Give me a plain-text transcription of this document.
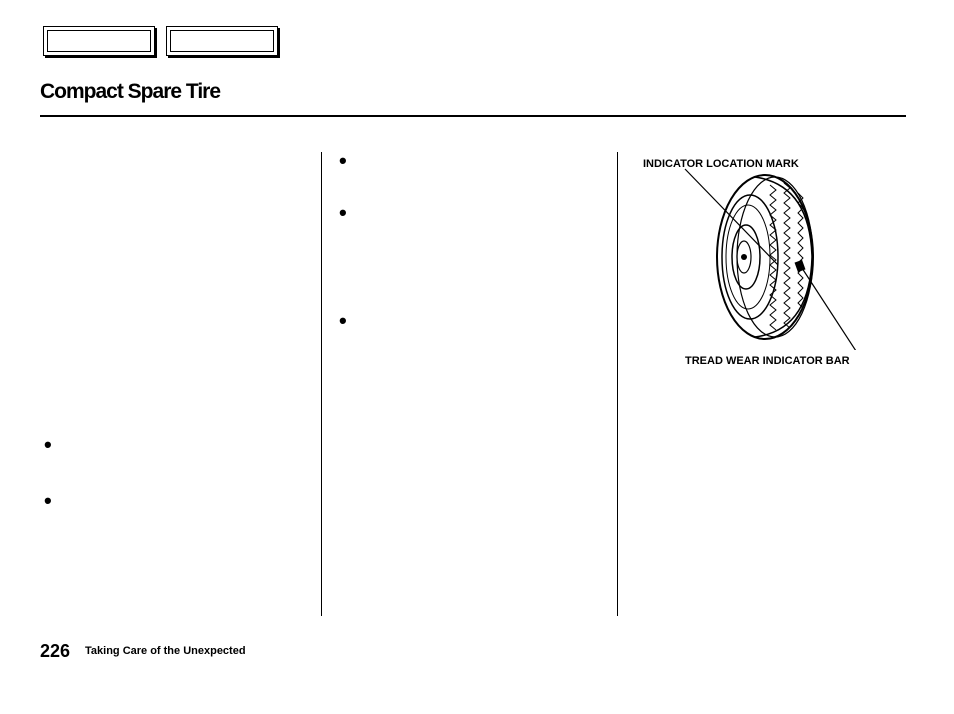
Compact Spare Tire
•
•
•
•
•
INDICATOR LOCATION MARK
TREAD WEAR INDICATOR BAR
226 Taking Care of the Unexpected
